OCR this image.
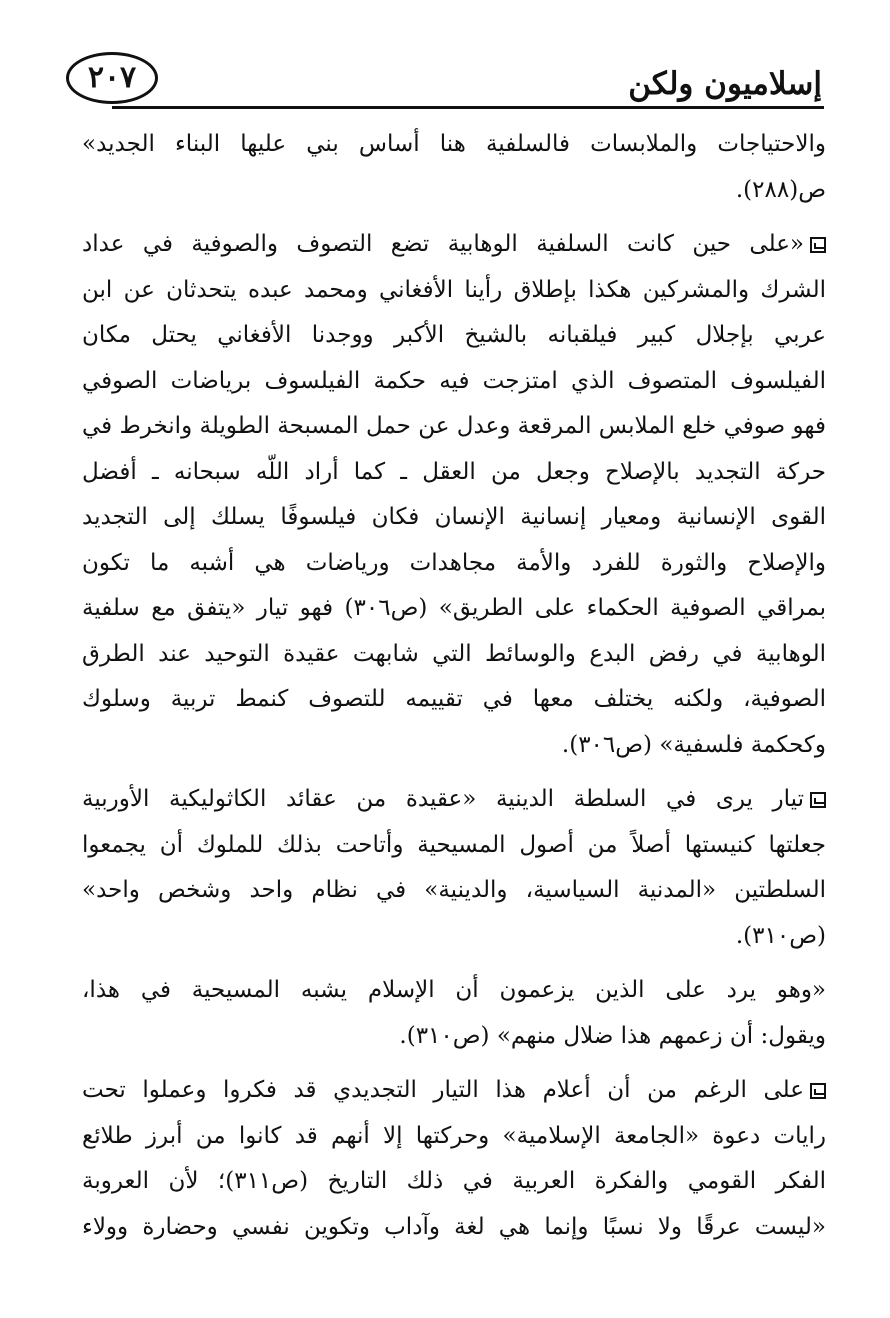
إسلاميون ولكن
٢٠٧
والاحتياجات والملابسات فالسلفية هنا أساس بني عليها البناء الجديد»
ص(٢٨٨).
«على حين كانت السلفية الوهابية تضع التصوف والصوفية في عداد
الشرك والمشركين هكذا بإطلاق رأينا الأفغاني ومحمد عبده يتحدثان عن ابن
عربي بإجلال كبير فيلقبانه بالشيخ الأكبر ووجدنا الأفغاني يحتل مكان
الفيلسوف المتصوف الذي امتزجت فيه حكمة الفيلسوف برياضات الصوفي
فهو صوفي خلع الملابس المرقعة وعدل عن حمل المسبحة الطويلة وانخرط في
حركة التجديد بالإصلاح وجعل من العقل ـ كما أراد اللّه سبحانه ـ أفضل
القوى الإنسانية ومعيار إنسانية الإنسان فكان فيلسوفًا يسلك إلى التجديد
والإصلاح والثورة للفرد والأمة مجاهدات ورياضات هي أشبه ما تكون
بمراقي الصوفية الحكماء على الطريق» (ص٣٠٦) فهو تيار «يتفق مع سلفية
الوهابية في رفض البدع والوسائط التي شابهت عقيدة التوحيد عند الطرق
الصوفية، ولكنه يختلف معها في تقييمه للتصوف كنمط تربية وسلوك
وكحكمة فلسفية» (ص٣٠٦).
تيار يرى في السلطة الدينية «عقيدة من عقائد الكاثوليكية الأوربية
جعلتها كنيستها أصلاً من أصول المسيحية وأتاحت بذلك للملوك أن يجمعوا
السلطتين «المدنية السياسية، والدينية» في نظام واحد وشخص واحد»
(ص٣١٠).
«وهو يرد على الذين يزعمون أن الإسلام يشبه المسيحية في هذا،
ويقول: أن زعمهم هذا ضلال منهم» (ص٣١٠).
على الرغم من أن أعلام هذا التيار التجديدي قد فكروا وعملوا تحت
رايات دعوة «الجامعة الإسلامية» وحركتها إلا أنهم قد كانوا من أبرز طلائع
الفكر القومي والفكرة العربية في ذلك التاريخ (ص٣١١)؛ لأن العروبة
«ليست عرقًا ولا نسبًا وإنما هي لغة وآداب وتكوين نفسي وحضارة وولاء
